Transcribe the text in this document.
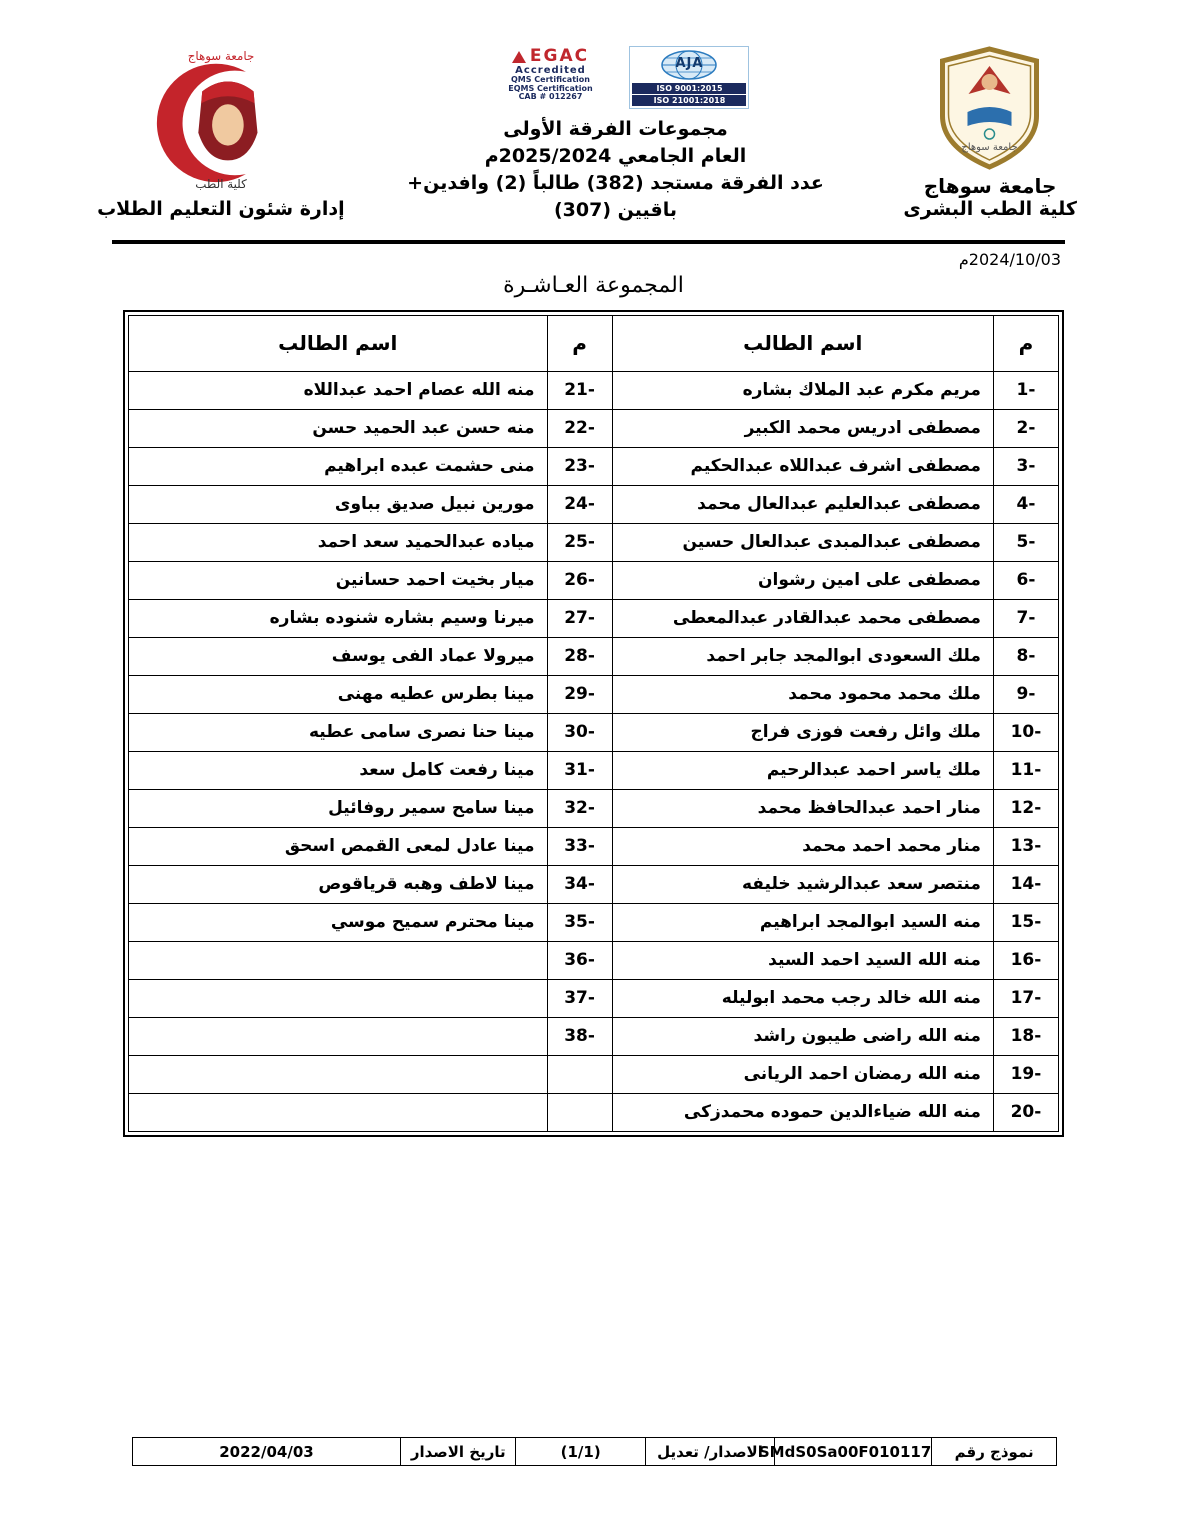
جامعة سوهاج
جامعة سوهاج
كلية الطب البشرى
EGAC
Accredited
QMS Certification
EQMS Certification
CAB # 012267
AJA
ISO 9001:2015
ISO 21001:2018
مجموعات الفرقة الأولى
العام الجامعي 2025/2024م
عدد الفرقة مستجد (382) طالباً (2) وافدين+
(307) باقيين
جامعة سوهاج
كلية الطب
إدارة شئون التعليم الطلاب
2024/10/03م
المجموعة العـاشـرة
م	اسم الطالب	م	اسم الطالب
1-	مريم مكرم عبد الملاك بشاره	21-	منه الله عصام احمد عبداللاه
2-	مصطفى ادريس محمد الكبير	22-	منه حسن عبد الحميد حسن
3-	مصطفى اشرف عبداللاه عبدالحكيم	23-	منى حشمت عبده ابراهيم
4-	مصطفى عبدالعليم عبدالعال محمد	24-	مورين نبيل صديق بباوى
5-	مصطفى عبدالمبدى عبدالعال حسين	25-	مياده عبدالحميد سعد احمد
6-	مصطفى على امين رشوان	26-	ميار بخيت احمد حسانين
7-	مصطفى محمد عبدالقادر عبدالمعطى	27-	ميرنا وسيم بشاره شنوده بشاره
8-	ملك السعودى ابوالمجد جابر احمد	28-	ميرولا عماد الفى يوسف
9-	ملك محمد محمود محمد	29-	مينا بطرس عطيه مهنى
10-	ملك وائل رفعت فوزى فراج	30-	مينا حنا نصرى سامى عطيه
11-	ملك ياسر احمد عبدالرحيم	31-	مينا رفعت كامل سعد
12-	منار احمد عبدالحافظ محمد	32-	مينا سامح سمير روفائيل
13-	منار محمد احمد محمد	33-	مينا عادل لمعى القمص اسحق
14-	منتصر سعد عبدالرشيد خليفه	34-	مينا لاطف وهبه قرياقوص
15-	منه السيد ابوالمجد ابراهيم	35-	مينا محترم سميح موسي
16-	منه الله السيد احمد السيد	36-	
17-	منه الله خالد رجب محمد ابوليله	37-	
18-	منه الله راضى طيبون راشد	38-	
19-	منه الله رمضان احمد الريانى		
20-	منه الله ضياءالدين حموده محمدزكى		
نموذج رقم	SMdS0Sa00F010117	الاصدار/ تعديل	(1/1)	تاريخ الاصدار	2022/04/03
